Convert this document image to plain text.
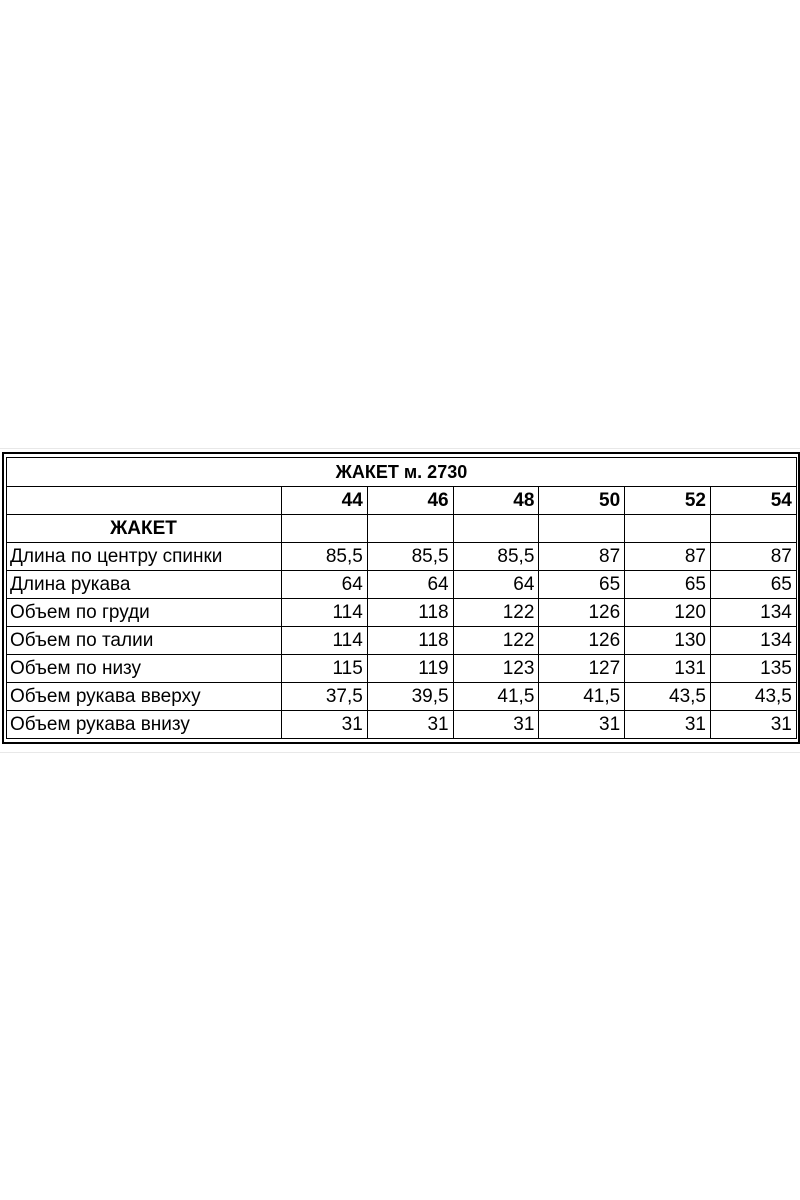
ЖАКЕТ м. 2730						
	44	46	48	50	52	54
ЖАКЕТ						
Длина по центру спинки	85,5	85,5	85,5	87	87	87
Длина рукава	64	64	64	65	65	65
Объем по груди	114	118	122	126	120	134
Объем по талии	114	118	122	126	130	134
Объем по низу	115	119	123	127	131	135
Объем рукава вверху	37,5	39,5	41,5	41,5	43,5	43,5
Объем рукава внизу	31	31	31	31	31	31
